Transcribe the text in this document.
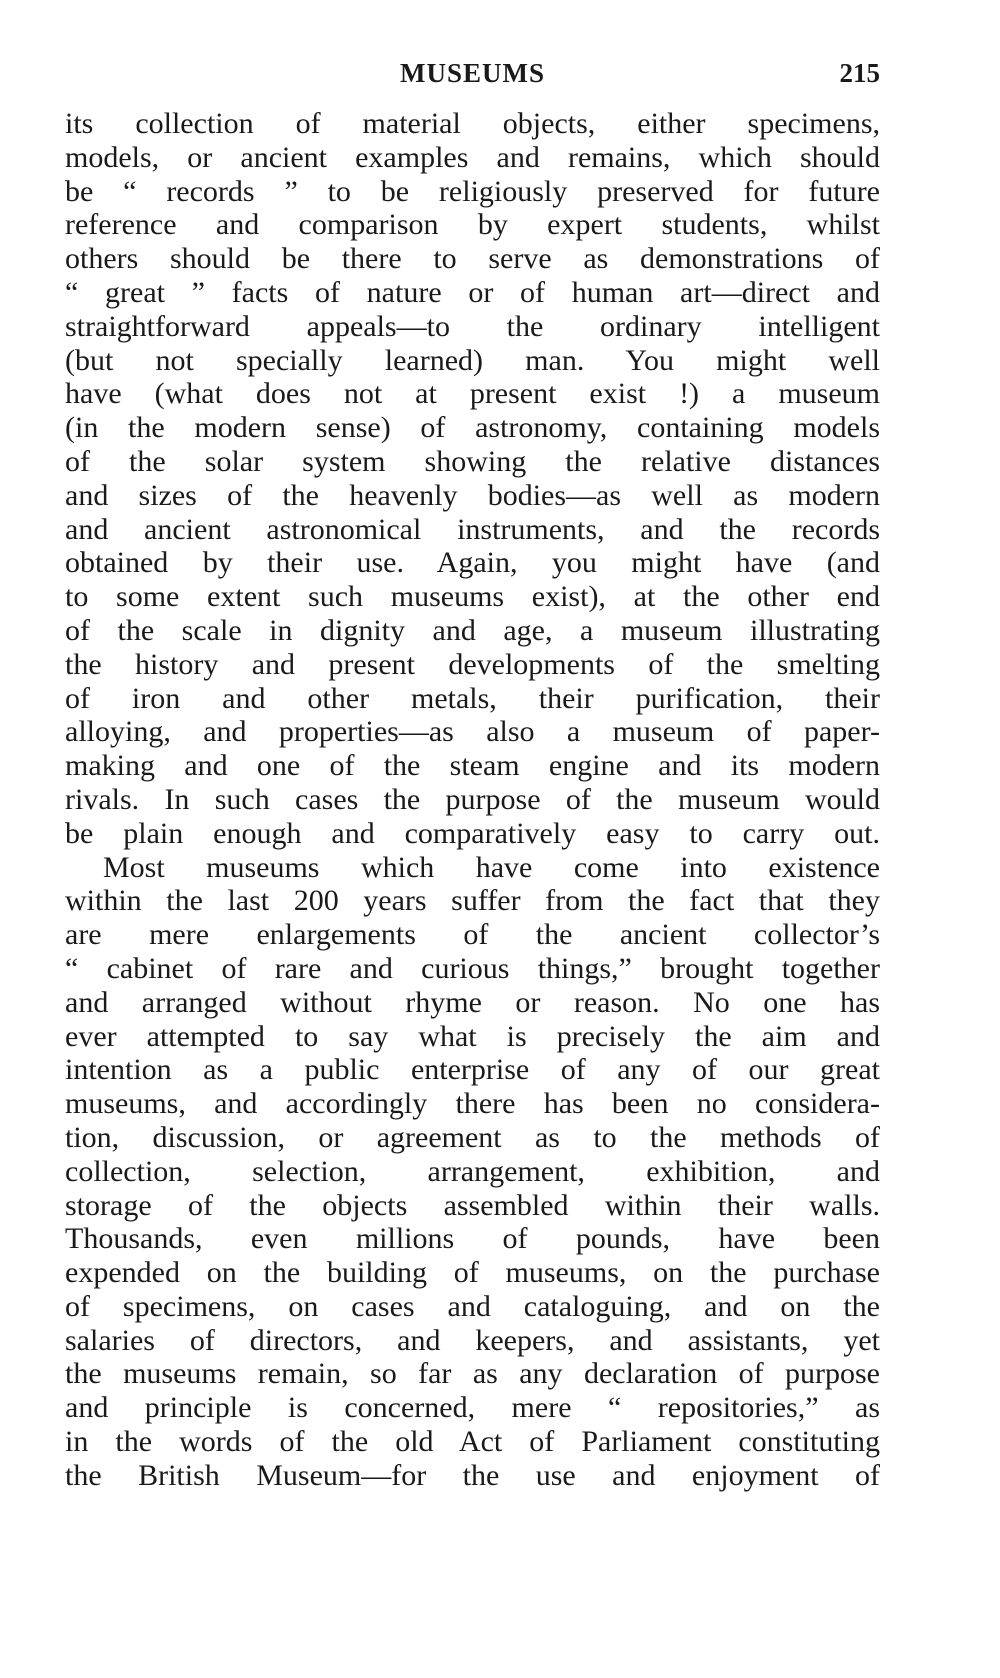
MUSEUMS	215
its collection of material objects, either specimens,
models, or ancient examples and remains, which should
be “ records ” to be religiously preserved for future
reference and comparison by expert students, whilst
others should be there to serve as demonstrations of
“ great ” facts of nature or of human art—direct and
straightforward appeals—to the ordinary intelligent
(but not specially learned) man. You might well
have (what does not at present exist !) a museum
(in the modern sense) of astronomy, containing models
of the solar system showing the relative distances
and sizes of the heavenly bodies—as well as modern
and ancient astronomical instruments, and the records
obtained by their use. Again, you might have (and
to some extent such museums exist), at the other end
of the scale in dignity and age, a museum illustrating
the history and present developments of the smelting
of iron and other metals, their purification, their
alloying, and properties—as also a museum of paper-
making and one of the steam engine and its modern
rivals. In such cases the purpose of the museum would
be plain enough and comparatively easy to carry out.
Most museums which have come into existence
within the last 200 years suffer from the fact that they
are mere enlargements of the ancient collector’s
“ cabinet of rare and curious things,” brought together
and arranged without rhyme or reason. No one has
ever attempted to say what is precisely the aim and
intention as a public enterprise of any of our great
museums, and accordingly there has been no considera-
tion, discussion, or agreement as to the methods of
collection, selection, arrangement, exhibition, and
storage of the objects assembled within their walls.
Thousands, even millions of pounds, have been
expended on the building of museums, on the purchase
of specimens, on cases and cataloguing, and on the
salaries of directors, and keepers, and assistants, yet
the museums remain, so far as any declaration of purpose
and principle is concerned, mere “ repositories,” as
in the words of the old Act of Parliament constituting
the British Museum—for the use and enjoyment of
